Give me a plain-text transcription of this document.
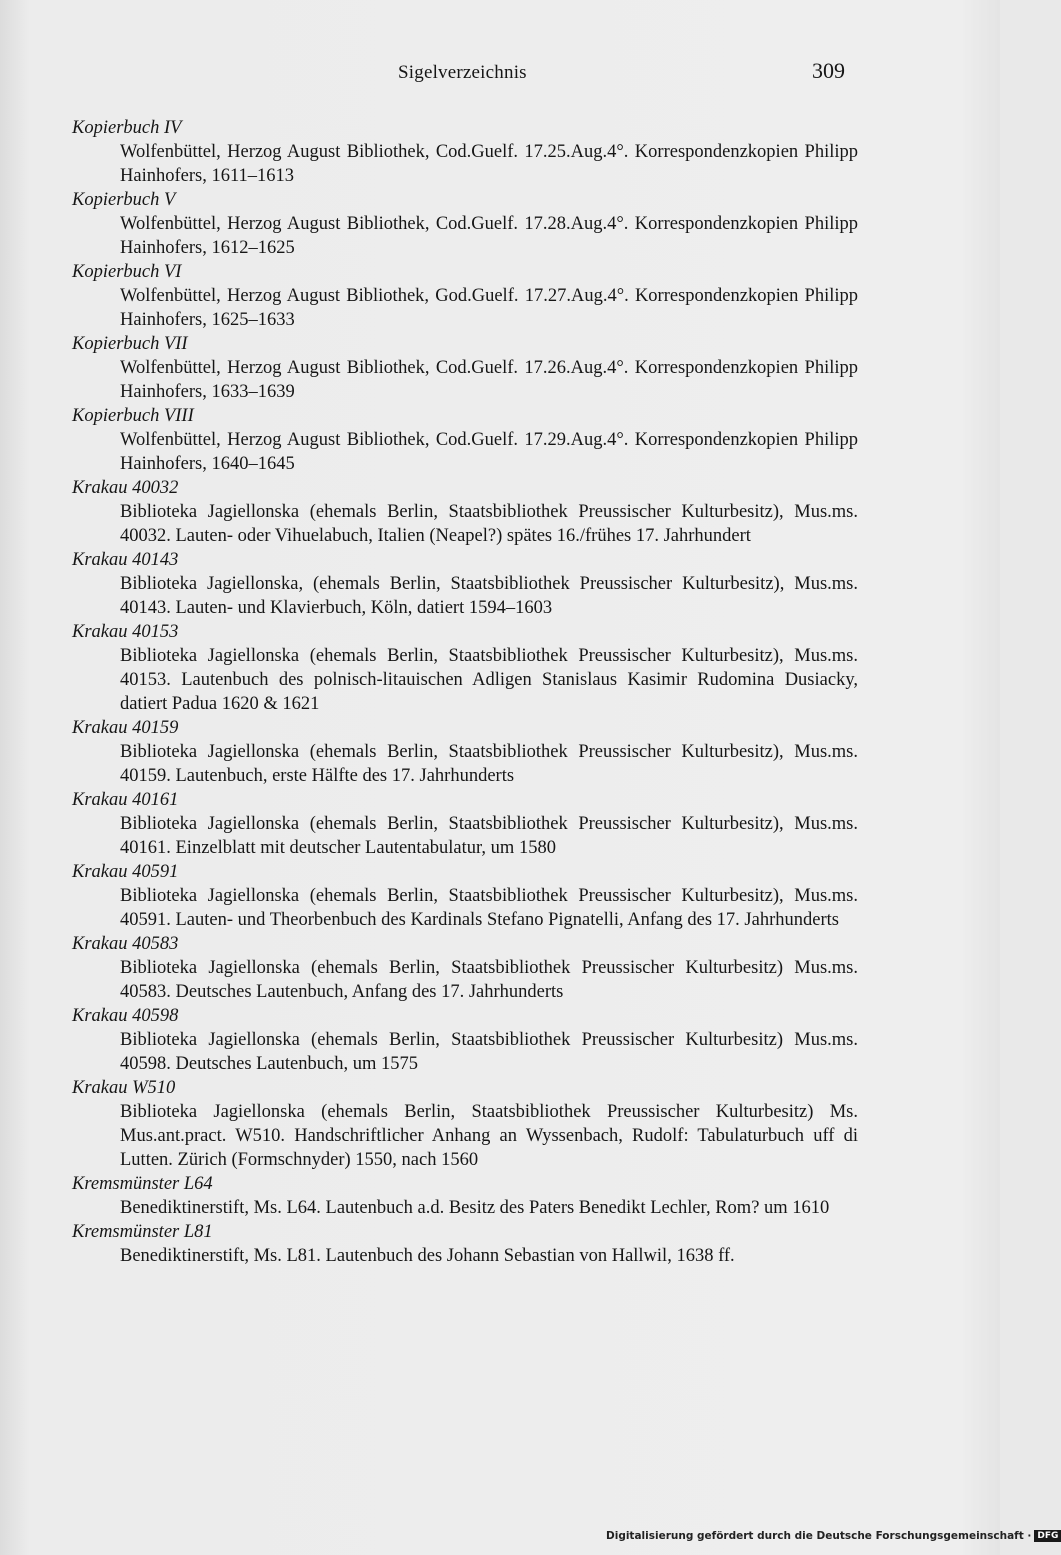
Sigelverzeichnis	309
Kopierbuch IV
Wolfenbüttel, Herzog August Bibliothek, Cod.Guelf. 17.25.Aug.4°. Korrespondenzkopien Philipp Hainhofers, 1611–1613
Kopierbuch V
Wolfenbüttel, Herzog August Bibliothek, Cod.Guelf. 17.28.Aug.4°. Korrespondenzkopien Philipp Hainhofers, 1612–1625
Kopierbuch VI
Wolfenbüttel, Herzog August Bibliothek, God.Guelf. 17.27.Aug.4°. Korrespondenzkopien Philipp Hainhofers, 1625–1633
Kopierbuch VII
Wolfenbüttel, Herzog August Bibliothek, Cod.Guelf. 17.26.Aug.4°. Korrespondenzkopien Philipp Hainhofers, 1633–1639
Kopierbuch VIII
Wolfenbüttel, Herzog August Bibliothek, Cod.Guelf. 17.29.Aug.4°. Korrespondenzkopien Philipp Hainhofers, 1640–1645
Krakau 40032
Biblioteka Jagiellonska (ehemals Berlin, Staatsbibliothek Preussischer Kulturbesitz), Mus.ms. 40032. Lauten- oder Vihuelabuch, Italien (Neapel?) spätes 16./frühes 17. Jahrhundert
Krakau 40143
Biblioteka Jagiellonska, (ehemals Berlin, Staatsbibliothek Preussischer Kulturbesitz), Mus.ms. 40143. Lauten- und Klavierbuch, Köln, datiert 1594–1603
Krakau 40153
Biblioteka Jagiellonska (ehemals Berlin, Staatsbibliothek Preussischer Kulturbesitz), Mus.ms. 40153. Lautenbuch des polnisch-litauischen Adligen Stanislaus Kasimir Rudomina Dusiacky, datiert Padua 1620 & 1621
Krakau 40159
Biblioteka Jagiellonska (ehemals Berlin, Staatsbibliothek Preussischer Kulturbesitz), Mus.ms. 40159. Lautenbuch, erste Hälfte des 17. Jahrhunderts
Krakau 40161
Biblioteka Jagiellonska (ehemals Berlin, Staatsbibliothek Preussischer Kulturbesitz), Mus.ms. 40161. Einzelblatt mit deutscher Lautentabulatur, um 1580
Krakau 40591
Biblioteka Jagiellonska (ehemals Berlin, Staatsbibliothek Preussischer Kulturbesitz), Mus.ms. 40591. Lauten- und Theorbenbuch des Kardinals Stefano Pignatelli, Anfang des 17. Jahrhunderts
Krakau 40583
Biblioteka Jagiellonska (ehemals Berlin, Staatsbibliothek Preussischer Kulturbesitz) Mus.ms. 40583. Deutsches Lautenbuch, Anfang des 17. Jahrhunderts
Krakau 40598
Biblioteka Jagiellonska (ehemals Berlin, Staatsbibliothek Preussischer Kulturbesitz) Mus.ms. 40598. Deutsches Lautenbuch, um 1575
Krakau W510
Biblioteka Jagiellonska (ehemals Berlin, Staatsbibliothek Preussischer Kulturbesitz) Ms. Mus.ant.pract. W510. Handschriftlicher Anhang an Wyssenbach, Rudolf: Tabulaturbuch uff di Lutten. Zürich (Formschnyder) 1550, nach 1560
Kremsmünster L64
Benediktinerstift, Ms. L64. Lautenbuch a.d. Besitz des Paters Benedikt Lechler, Rom? um 1610
Kremsmünster L81
Benediktinerstift, Ms. L81. Lautenbuch des Johann Sebastian von Hallwil, 1638 ff.
Digitalisierung gefördert durch die Deutsche Forschungsgemeinschaft · DFG
